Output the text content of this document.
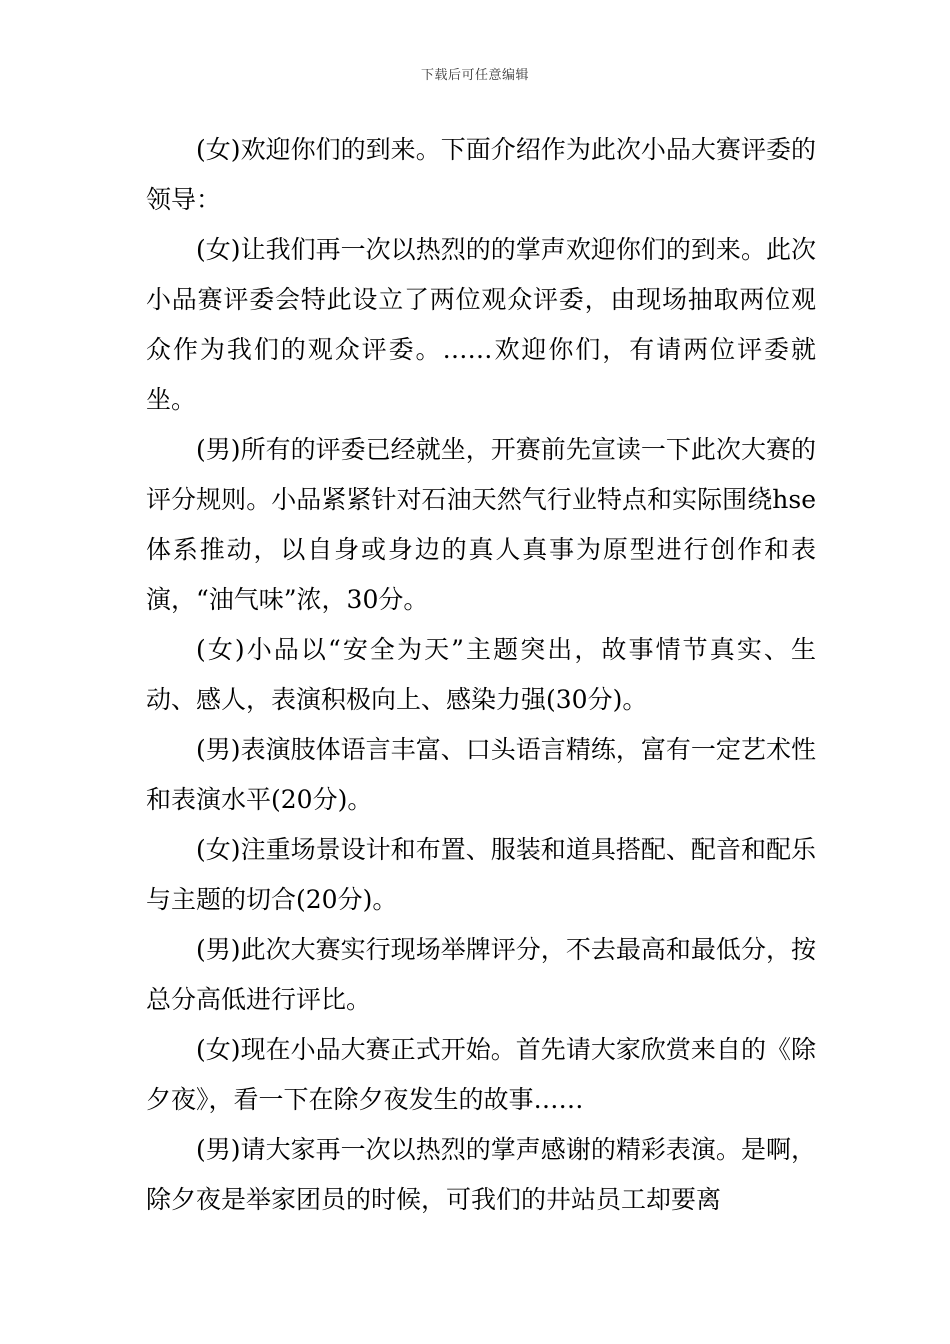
下载后可任意编辑

(女)欢迎你们的到来。下面介绍作为此次小品大赛评委的领导：

(女)让我们再一次以热烈的的掌声欢迎你们的到来。此次小品赛评委会特此设立了两位观众评委，由现场抽取两位观众作为我们的观众评委。……欢迎你们，有请两位评委就坐。

(男)所有的评委已经就坐，开赛前先宣读一下此次大赛的评分规则。小品紧紧针对石油天然气行业特点和实际围绕hse体系推动，以自身或身边的真人真事为原型进行创作和表演，“油气味”浓，30分。

(女)小品以“安全为天”主题突出，故事情节真实、生动、感人，表演积极向上、感染力强(30分)。

(男)表演肢体语言丰富、口头语言精练，富有一定艺术性和表演水平(20分)。

(女)注重场景设计和布置、服装和道具搭配、配音和配乐与主题的切合(20分)。

(男)此次大赛实行现场举牌评分，不去最高和最低分，按总分高低进行评比。

(女)现在小品大赛正式开始。首先请大家欣赏来自的《除夕夜》，看一下在除夕夜发生的故事……

(男)请大家再一次以热烈的掌声感谢的精彩表演。是啊，除夕夜是举家团员的时候，可我们的井站员工却要离
